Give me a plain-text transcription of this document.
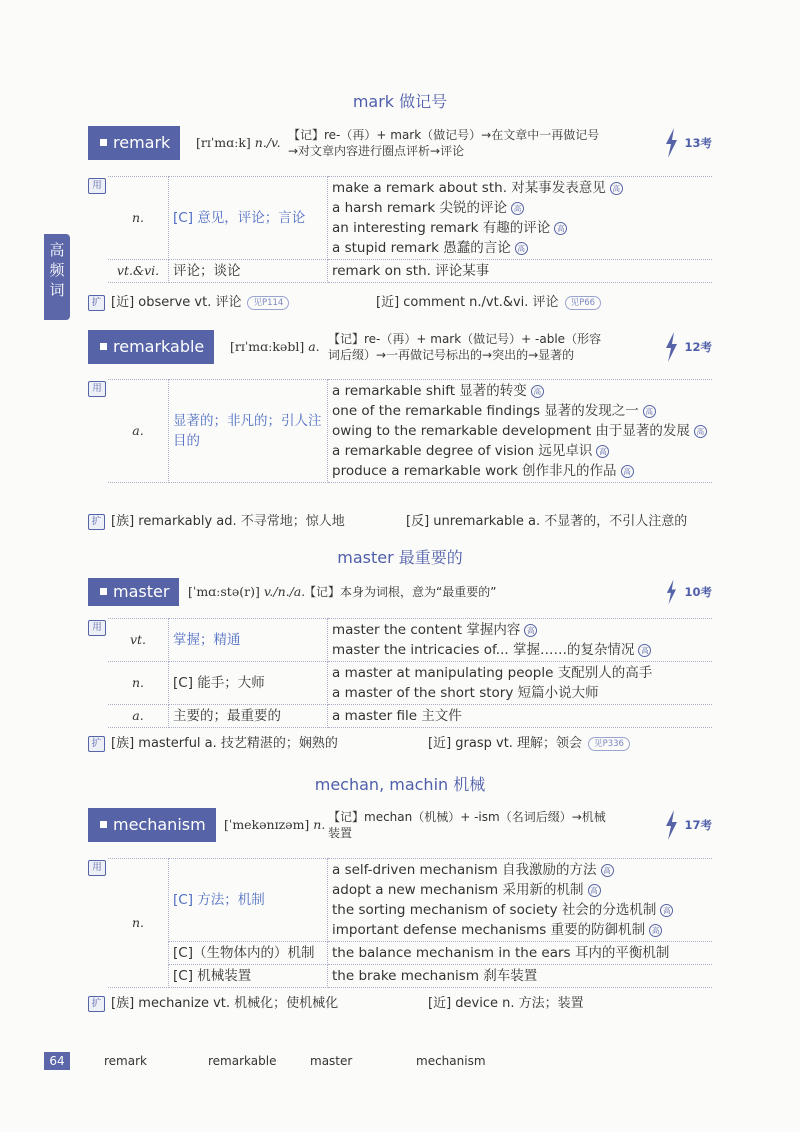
高
频
词
mark 做记号
remark	[rɪˈmɑːk] n./v. 【记】re-（再）+ mark（做记号）→在文章中一再做记号
→对文章内容进行圈点评析→评论
13考
用
n.	[C] 意见，评论；言论	make a remark about sth. 对某事发表意见 高
a harsh remark 尖锐的评论 高
an interesting remark 有趣的评论 高
a stupid remark 愚蠢的言论 高

vt.&vi.	评论；谈论	remark on sth. 评论某事
扩 [近] observe vt. 评论 见P114	[近] comment n./vt.&vi. 评论 见P66
remarkable	[rɪˈmɑːkəbl] a. 【记】re-（再）+ mark（做记号）+ -able（形容
词后缀）→一再做记号标出的→突出的→显著的
12考
用
a.	显著的；非凡的；引人注目的	
a remarkable shift 显著的转变 高
one of the remarkable findings 显著的发现之一 高
owing to the remarkable development 由于显著的发展 高
a remarkable degree of vision 远见卓识 高
produce a remarkable work 创作非凡的作品 高
扩 [族] remarkably ad. 不寻常地；惊人地	[反] unremarkable a. 不显著的，不引人注意的
master 最重要的
master	[ˈmɑːstə(r)] v./n./a.
【记】本身为词根，意为“最重要的”	10考
用
vt.	掌握；精通	master the content 掌握内容 高
master the intricacies of... 掌握……的复杂情况 高

n.	[C] 能手；大师	a master at manipulating people 支配别人的高手
a master of the short story 短篇小说大师

a.	主要的；最重要的	a master file 主文件
扩 [族] masterful a. 技艺精湛的；娴熟的	[近] grasp vt. 理解；领会 见P336
mechan, machin 机械
mechanism	[ˈmekənɪzəm] n. 【记】mechan（机械）+ -ism（名词后缀）→机械
装置
17考
用
n.	[C] 方法；机制	a self-driven mechanism 自我激励的方法 高
adopt a new mechanism 采用新的机制 高
the sorting mechanism of society 社会的分选机制 高
important defense mechanisms 重要的防御机制 高

	[C]（生物体内的）机制	the balance mechanism in the ears 耳内的平衡机制

	[C] 机械装置	the brake mechanism 刹车装置
扩 [族] mechanize vt. 机械化；使机械化	[近] device n. 方法；装置
64	remark	remarkable	master	mechanism
